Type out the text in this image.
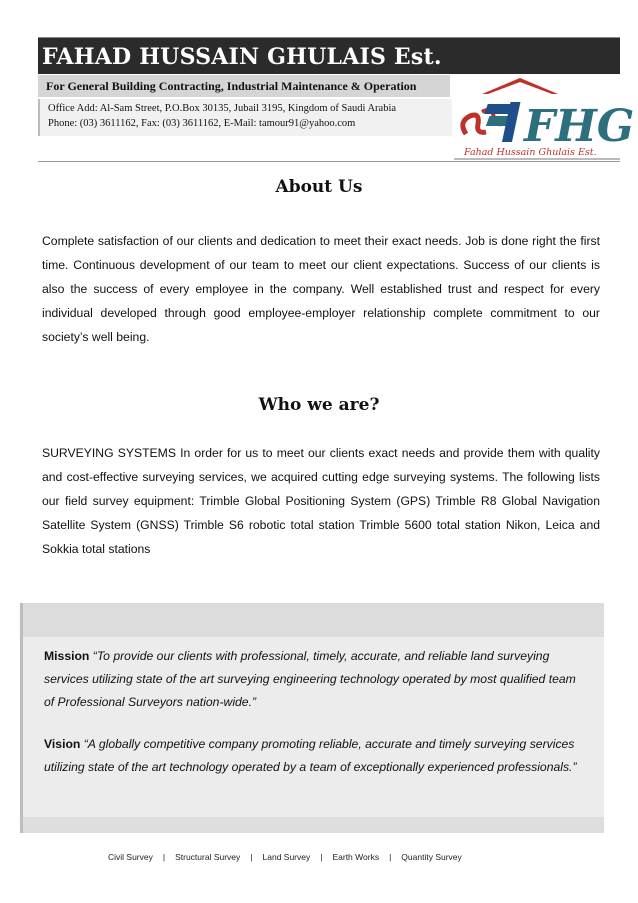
FAHAD HUSSAIN GHULAIS Est.
For General Building Contracting, Industrial Maintenance & Operation
Office Add: Al-Sam Street, P.O.Box 30135, Jubail 3195, Kingdom of Saudi Arabia
Phone: (03) 3611162, Fax: (03) 3611162, E-Mail: tamour91@yahoo.com	FHG
Fahad Hussain Ghulais Est.
About Us

Complete satisfaction of our clients and dedication to meet their exact needs. Job is done right the first time. Continuous development of our team to meet our client expectations. Success of our clients is also the success of every employee in the company. Well established trust and respect for every individual developed through good employee-employer relationship complete commitment to our society’s well being.

Who we are?

SURVEYING SYSTEMS In order for us to meet our clients exact needs and provide them with quality and cost-effective surveying services, we acquired cutting edge surveying systems. The following lists our field survey equipment: Trimble Global Positioning System (GPS) Trimble R8 Global Navigation Satellite System (GNSS) Trimble S6 robotic total station Trimble 5600 total station Nikon, Leica and Sokkia total stations

Mission “To provide our clients with professional, timely, accurate, and reliable land surveying services utilizing state of the art surveying engineering technology operated by most qualified team of Professional Surveyors nation-wide.”

Vision “A globally competitive company promoting reliable, accurate and timely surveying services utilizing state of the art technology operated by a team of exceptionally experienced professionals.”

Civil Survey | Structural Survey | Land Survey | Earth Works | Quantity Survey
